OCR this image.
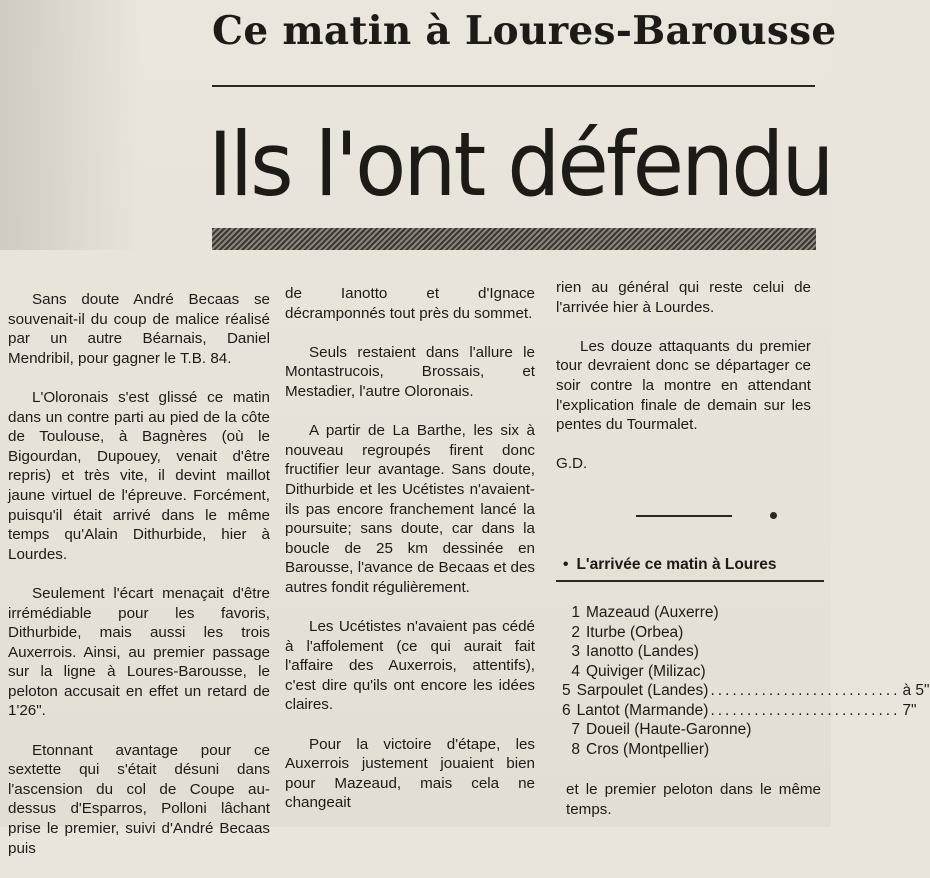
Ce matin à Loures-Barousse
Ils l'ont défendu

Sans doute André Becaas se souvenait-il du coup de malice réalisé par un autre Béarnais, Daniel Mendribil, pour gagner le T.B. 84.

L'Oloronais s'est glissé ce matin dans un contre parti au pied de la côte de Toulouse, à Bagnères (où le Bigourdan, Dupouey, venait d'être repris) et très vite, il devint maillot jaune virtuel de l'épreuve. Forcément, puisqu'il était arrivé dans le même temps qu'Alain Dithurbide, hier à Lourdes.

Seulement l'écart menaçait d'être irrémédiable pour les favoris, Dithurbide, mais aussi les trois Auxerrois. Ainsi, au premier passage sur la ligne à Loures-Barousse, le peloton accusait en effet un retard de 1'26".

Etonnant avantage pour ce sextette qui s'était désuni dans l'ascension du col de Coupe au-dessus d'Esparros, Polloni lâchant prise le premier, suivi d'André Becaas puis

de Ianotto et d'Ignace décramponnés tout près du sommet.

Seuls restaient dans l'allure le Montastrucois, Brossais, et Mestadier, l'autre Oloronais.

A partir de La Barthe, les six à nouveau regroupés firent donc fructifier leur avantage. Sans doute, Dithurbide et les Ucétistes n'avaient-ils pas encore franchement lancé la poursuite; sans doute, car dans la boucle de 25 km dessinée en Barousse, l'avance de Becaas et des autres fondit régulièrement.

Les Ucétistes n'avaient pas cédé à l'affolement (ce qui aurait fait l'affaire des Auxerrois, attentifs), c'est dire qu'ils ont encore les idées claires.

Pour la victoire d'étape, les Auxerrois justement jouaient bien pour Mazeaud, mais cela ne changeait

rien au général qui reste celui de l'arrivée hier à Lourdes.

Les douze attaquants du premier tour devraient donc se départager ce soir contre la montre en attendant l'explication finale de demain sur les pentes du Tourmalet.

G.D.

• L'arrivée ce matin à Loures
1 Mazeaud (Auxerre)
2 Iturbe (Orbea)
3 Ianotto (Landes)
4 Quiviger (Milizac)
5 Sarpoulet (Landes) .......................... à 5"
6 Lantot (Marmande) .......................... 7"
7 Doueil (Haute-Garonne)
8 Cros (Montpellier)

et le premier peloton dans le même temps.
